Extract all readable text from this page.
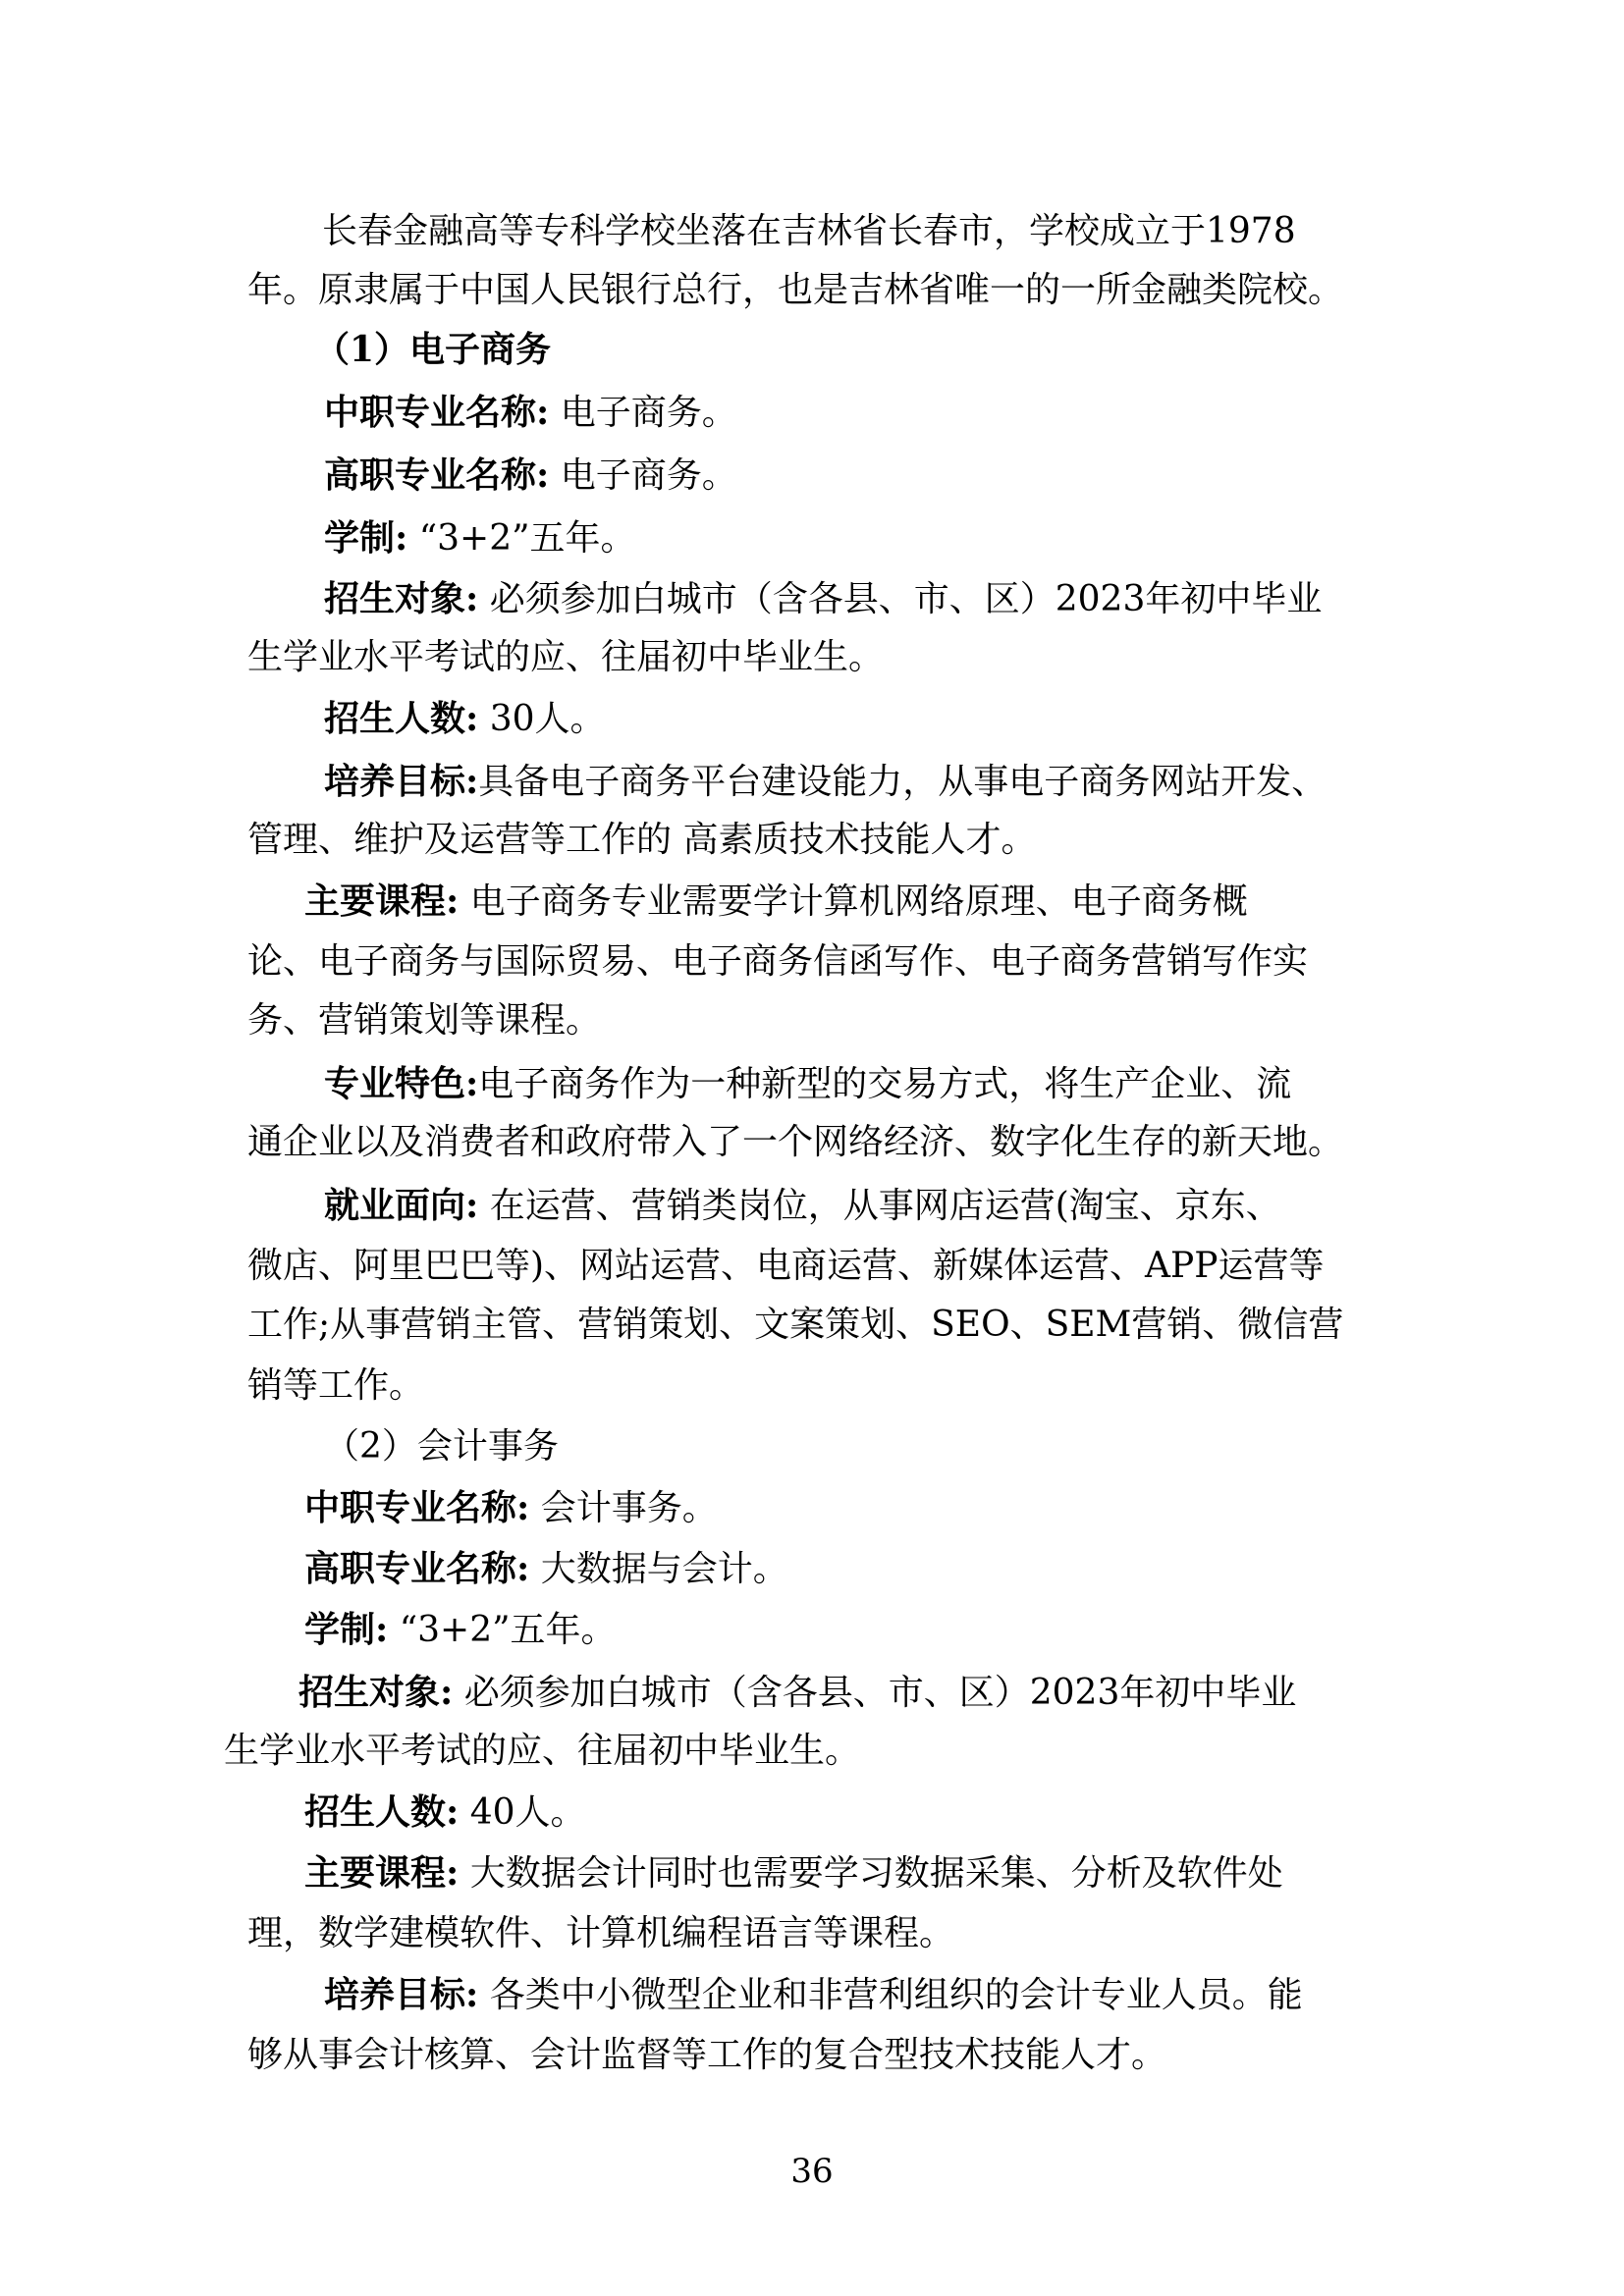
长春金融高等专科学校坐落在吉林省长春市，学校成立于1978
年。原隶属于中国人民银行总行，也是吉林省唯一的一所金融类院校。
（1）电子商务
中职专业名称: 电子商务。
高职专业名称: 电子商务。
学制: “3+2”五年。
招生对象: 必须参加白城市（含各县、市、区）2023年初中毕业
生学业水平考试的应、往届初中毕业生。
招生人数: 30人。
培养目标:具备电子商务平台建设能力，从事电子商务网站开发、
管理、维护及运营等工作的 高素质技术技能人才。
主要课程: 电子商务专业需要学计算机网络原理、电子商务概
论、电子商务与国际贸易、电子商务信函写作、电子商务营销写作实
务、营销策划等课程。
专业特色:电子商务作为一种新型的交易方式，将生产企业、流
通企业以及消费者和政府带入了一个网络经济、数字化生存的新天地。
就业面向: 在运营、营销类岗位，从事网店运营(淘宝、京东、
微店、阿里巴巴等)、网站运营、电商运营、新媒体运营、APP运营等
工作;从事营销主管、营销策划、文案策划、SEO、SEM营销、微信营
销等工作。
（2）会计事务
中职专业名称: 会计事务。
高职专业名称: 大数据与会计。
学制: “3+2”五年。
招生对象: 必须参加白城市（含各县、市、区）2023年初中毕业
生学业水平考试的应、往届初中毕业生。
招生人数: 40人。
主要课程: 大数据会计同时也需要学习数据采集、分析及软件处
理，数学建模软件、计算机编程语言等课程。
培养目标: 各类中小微型企业和非营利组织的会计专业人员。能
够从事会计核算、会计监督等工作的复合型技术技能人才。
36
